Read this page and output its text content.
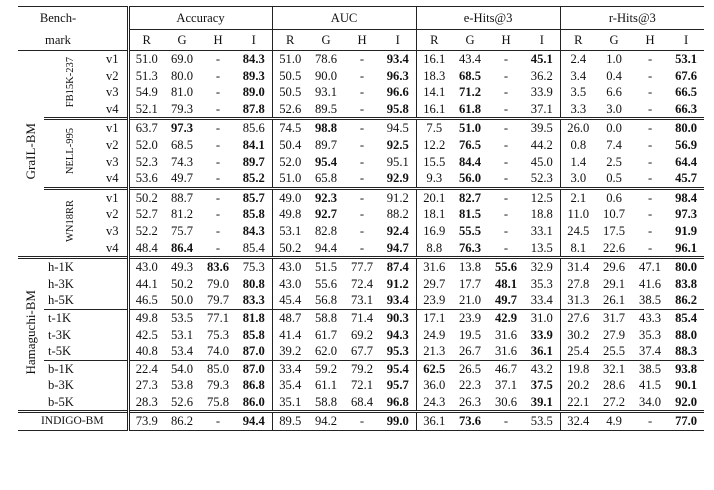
Bench-			Accuracy				AUC				e-Hits@3				r-Hits@3			
mark			R	G	H	I	R	G	H	I	R	G	H	I	R	G	H	I
GraIL-BM	FB15K-237	v1	51.0	69.0	-	84.3	51.0	78.6	-	93.4	16.1	43.4	-	45.1	2.4	1.0	-	53.1
		v2	51.3	80.0	-	89.3	50.5	90.0	-	96.3	18.3	68.5	-	36.2	3.4	0.4	-	67.6
		v3	54.9	81.0	-	89.0	50.5	93.1	-	96.6	14.1	71.2	-	33.9	3.5	6.6	-	66.5
		v4	52.1	79.3	-	87.8	52.6	89.5	-	95.8	16.1	61.8	-	37.1	3.3	3.0	-	66.3
	NELL-995	v1	63.7	97.3	-	85.6	74.5	98.8	-	94.5	7.5	51.0	-	39.5	26.0	0.0	-	80.0
		v2	52.0	68.5	-	84.1	50.4	89.7	-	92.5	12.2	76.5	-	44.2	0.8	7.4	-	56.9
		v3	52.3	74.3	-	89.7	52.0	95.4	-	95.1	15.5	84.4	-	45.0	1.4	2.5	-	64.4
		v4	53.6	49.7	-	85.2	51.0	65.8	-	92.9	9.3	56.0	-	52.3	3.0	0.5	-	45.7
	WN18RR	v1	50.2	88.7	-	85.7	49.0	92.3	-	91.2	20.1	82.7	-	12.5	2.1	0.6	-	98.4
		v2	52.7	81.2	-	85.8	49.8	92.7	-	88.2	18.1	81.5	-	18.8	11.0	10.7	-	97.3
		v3	52.2	75.7	-	84.3	53.1	82.8	-	92.4	16.9	55.5	-	33.1	24.5	17.5	-	91.9
		v4	48.4	86.4	-	85.4	50.2	94.4	-	94.7	8.8	76.3	-	13.5	8.1	22.6	-	96.1
Hamaguchi-BM	h-1K		43.0	49.3	83.6	75.3	43.0	51.5	77.7	87.4	31.6	13.8	55.6	32.9	31.4	29.6	47.1	80.0
	h-3K		44.1	50.2	79.0	80.8	43.0	55.6	72.4	91.2	29.7	17.7	48.1	35.3	27.8	29.1	41.6	83.8
	h-5K		46.5	50.0	79.7	83.3	45.4	56.8	73.1	93.4	23.9	21.0	49.7	33.4	31.3	26.1	38.5	86.2
	t-1K		49.8	53.5	77.1	81.8	48.7	58.8	71.4	90.3	17.1	23.9	42.9	31.0	27.6	31.7	43.3	85.4
	t-3K		42.5	53.1	75.3	85.8	41.4	61.7	69.2	94.3	24.9	19.5	31.6	33.9	30.2	27.9	35.3	88.0
	t-5K		40.8	53.4	74.0	87.0	39.2	62.0	67.7	95.3	21.3	26.7	31.6	36.1	25.4	25.5	37.4	88.3
	b-1K		22.4	54.0	85.0	87.0	33.4	59.2	79.2	95.4	62.5	26.5	46.7	43.2	19.8	32.1	38.5	93.8
	b-3K		27.3	53.8	79.3	86.8	35.4	61.1	72.1	95.7	36.0	22.3	37.1	37.5	20.2	28.6	41.5	90.1
	b-5K		28.3	52.6	75.8	86.0	35.1	58.8	68.4	96.8	24.3	26.3	30.6	39.1	22.1	27.2	34.0	92.0
INDIGO-BM			73.9	86.2	-	94.4	89.5	94.2	-	99.0	36.1	73.6	-	53.5	32.4	4.9	-	77.0
